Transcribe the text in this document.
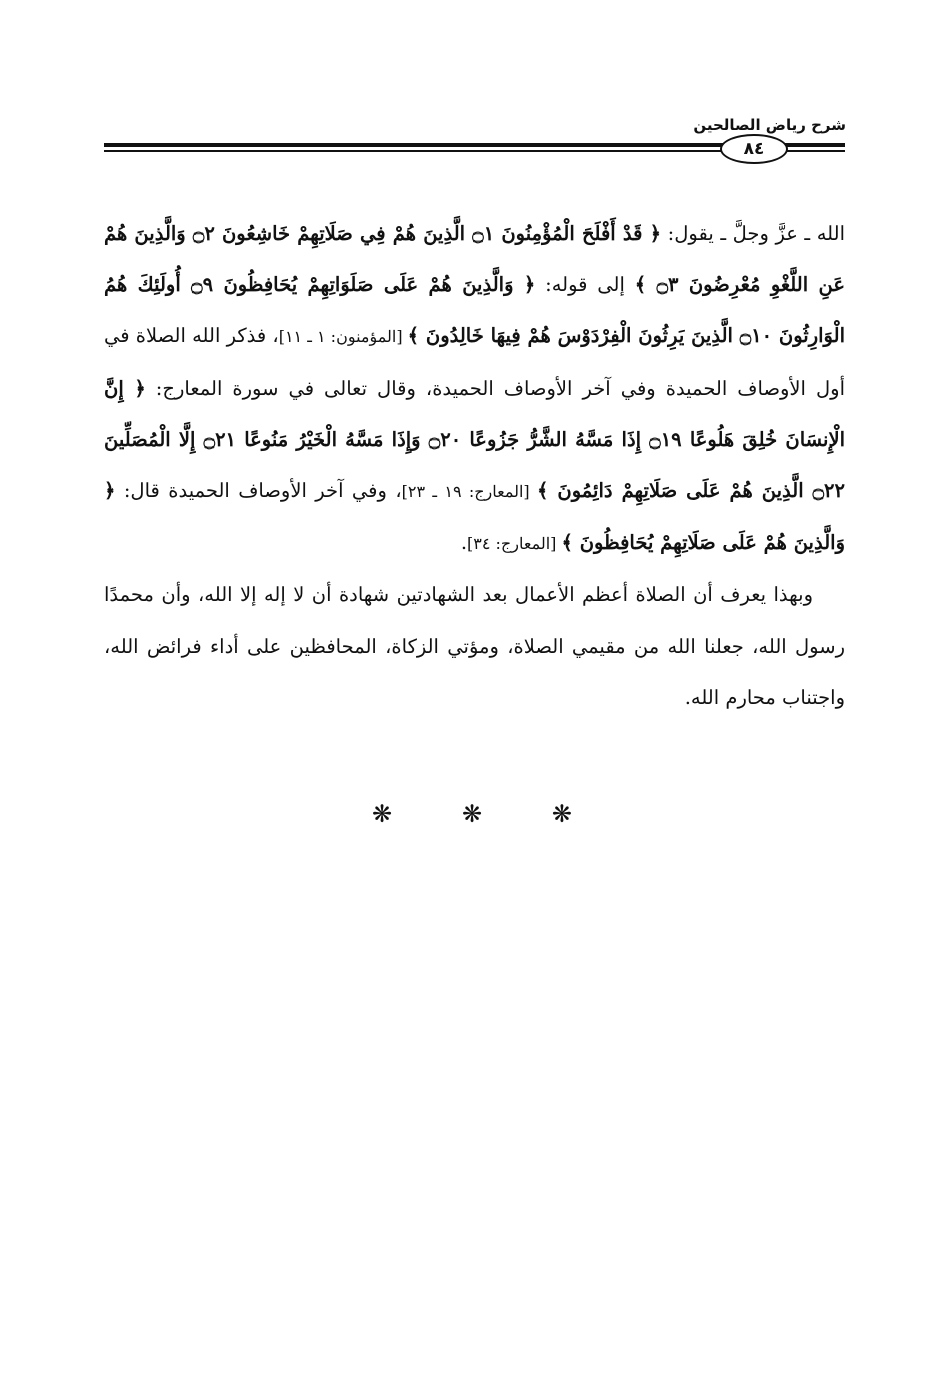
شرح رياض الصالحين
٨٤

الله ـ عزَّ وجلَّ ـ يقول: ﴿ قَدْ أَفْلَحَ الْمُؤْمِنُونَ ۝١ الَّذِينَ هُمْ فِي صَلَاتِهِمْ خَاشِعُونَ ۝٢ وَالَّذِينَ هُمْ عَنِ اللَّغْوِ مُعْرِضُونَ ۝٣ ﴾ إلى قوله: ﴿ وَالَّذِينَ هُمْ عَلَى صَلَوَاتِهِمْ يُحَافِظُونَ ۝٩ أُولَئِكَ هُمُ الْوَارِثُونَ ۝١٠ الَّذِينَ يَرِثُونَ الْفِرْدَوْسَ هُمْ فِيهَا خَالِدُونَ ﴾ [المؤمنون: ١ ـ ١١]، فذكر الله الصلاة في أول الأوصاف الحميدة وفي آخر الأوصاف الحميدة، وقال تعالى في سورة المعارج: ﴿ إِنَّ الْإِنسَانَ خُلِقَ هَلُوعًا ۝١٩ إِذَا مَسَّهُ الشَّرُّ جَزُوعًا ۝٢٠ وَإِذَا مَسَّهُ الْخَيْرُ مَنُوعًا ۝٢١ إِلَّا الْمُصَلِّينَ ۝٢٢ الَّذِينَ هُمْ عَلَى صَلَاتِهِمْ دَائِمُونَ ﴾ [المعارج: ١٩ ـ ٢٣]، وفي آخر الأوصاف الحميدة قال: ﴿ وَالَّذِينَ هُمْ عَلَى صَلَاتِهِمْ يُحَافِظُونَ ﴾ [المعارج: ٣٤].

وبهذا يعرف أن الصلاة أعظم الأعمال بعد الشهادتين شهادة أن لا إله إلا الله، وأن محمدًا رسول الله، جعلنا الله من مقيمي الصلاة، ومؤتي الزكاة، المحافظين على أداء فرائض الله، واجتناب محارم الله.

❋	❋	❋
